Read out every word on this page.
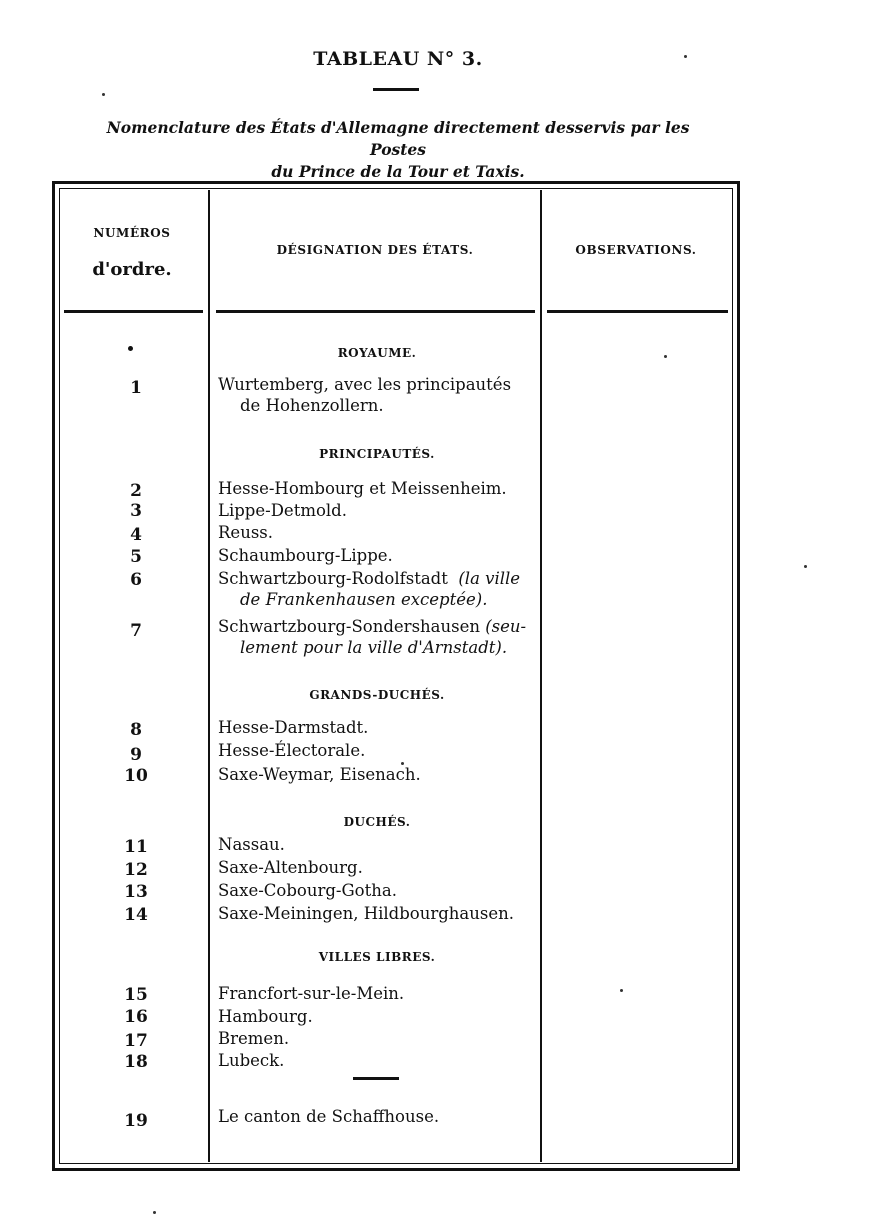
TABLEAU N° 3.
Nomenclature des États d'Allemagne directement desservis par les Postes
du Prince de la Tour et Taxis.
NUMÉROS
d'ordre.
DÉSIGNATION DES ÉTATS.	OBSERVATIONS.
ROYAUME.
1	Wurtemberg, avec les principautés
de Hohenzollern.
PRINCIPAUTÉS.
2	Hesse-Hombourg et Meissenheim.
3	Lippe-Detmold.
4	Reuss.
5	Schaumbourg-Lippe.
6	Schwartzbourg-Rodolfstadt (la ville
de Frankenhausen exceptée).
7	Schwartzbourg-Sondershausen (seu-
lement pour la ville d'Arnstadt).
GRANDS-DUCHÉS.
8	Hesse-Darmstadt.
9	Hesse-Électorale.
10	Saxe-Weymar, Eisenach.
DUCHÉS.
11	Nassau.
12	Saxe-Altenbourg.
13	Saxe-Cobourg-Gotha.
14	Saxe-Meiningen, Hildbourghausen.
VILLES LIBRES.
15	Francfort-sur-le-Mein.
16	Hambourg.
17	Bremen.
18	Lubeck.
19	Le canton de Schaffhouse.
